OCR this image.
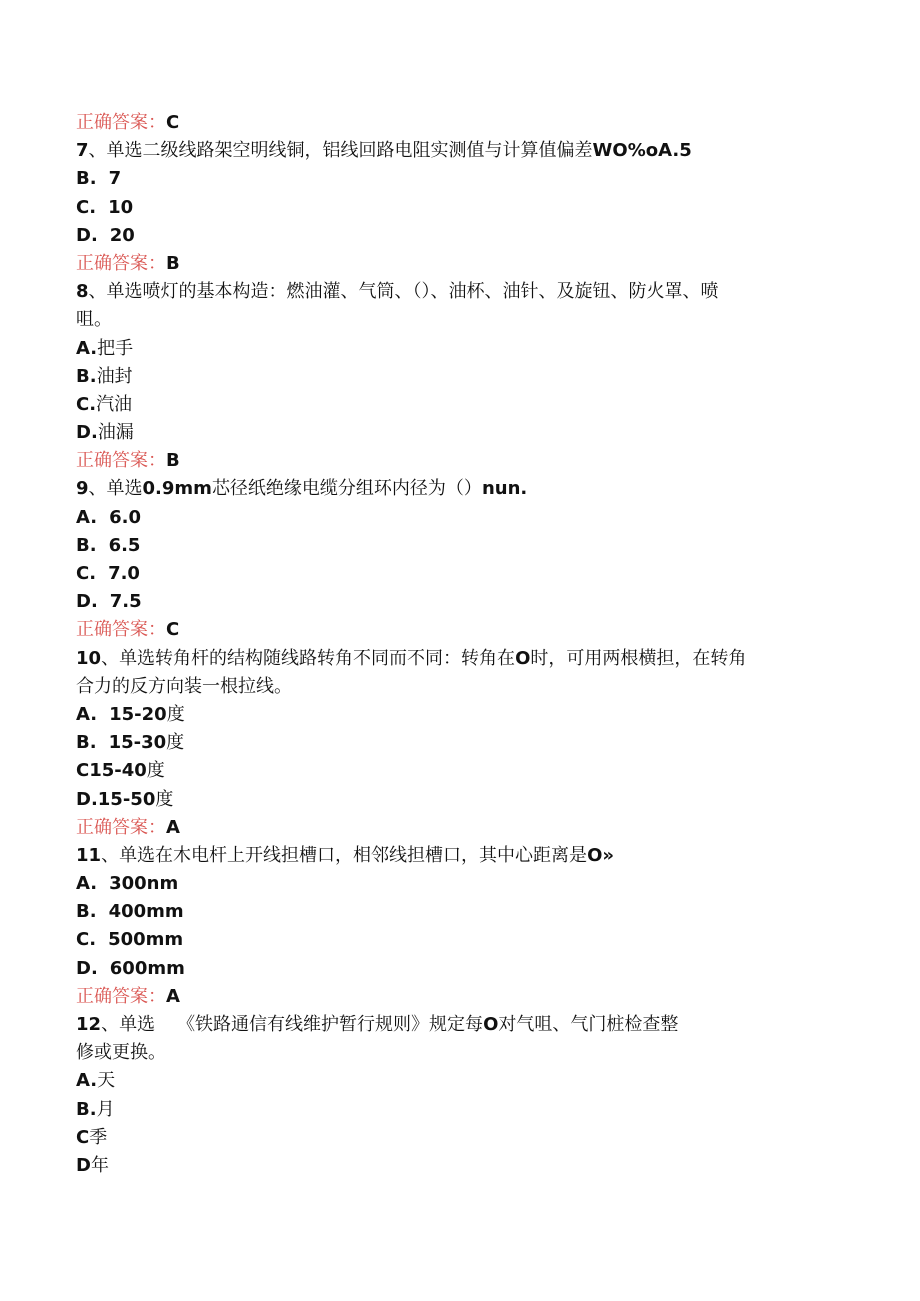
正确答案：C
7、单选二级线路架空明线铜，铝线回路电阻实测值与计算值偏差WO%oA.5
B. 7
C. 10
D. 20
正确答案：B
8、单选喷灯的基本构造：燃油灌、气筒、（）、油杯、油针、及旋钮、防火罩、喷
咀。
A.把手
B.油封
C.汽油
D.油漏
正确答案：B
9、单选0.9mm芯径纸绝缘电缆分组环内径为（）nun.
A. 6.0
B. 6.5
C. 7.0
D. 7.5
正确答案：C
10、单选转角杆的结构随线路转角不同而不同：转角在O时，可用两根横担，在转角
合力的反方向装一根拉线。
A. 15-20度
B. 15-30度
C15-40度
D.15-50度
正确答案：A
11、单选在木电杆上开线担槽口，相邻线担槽口，其中心距离是O»
A. 300nm
B. 400mm
C. 500mm
D. 600mm
正确答案：A
12、单选 《铁路通信有线维护暂行规则》规定每O对气咀、气门桩检查整
修或更换。
A.天
B.月
C季
D年
